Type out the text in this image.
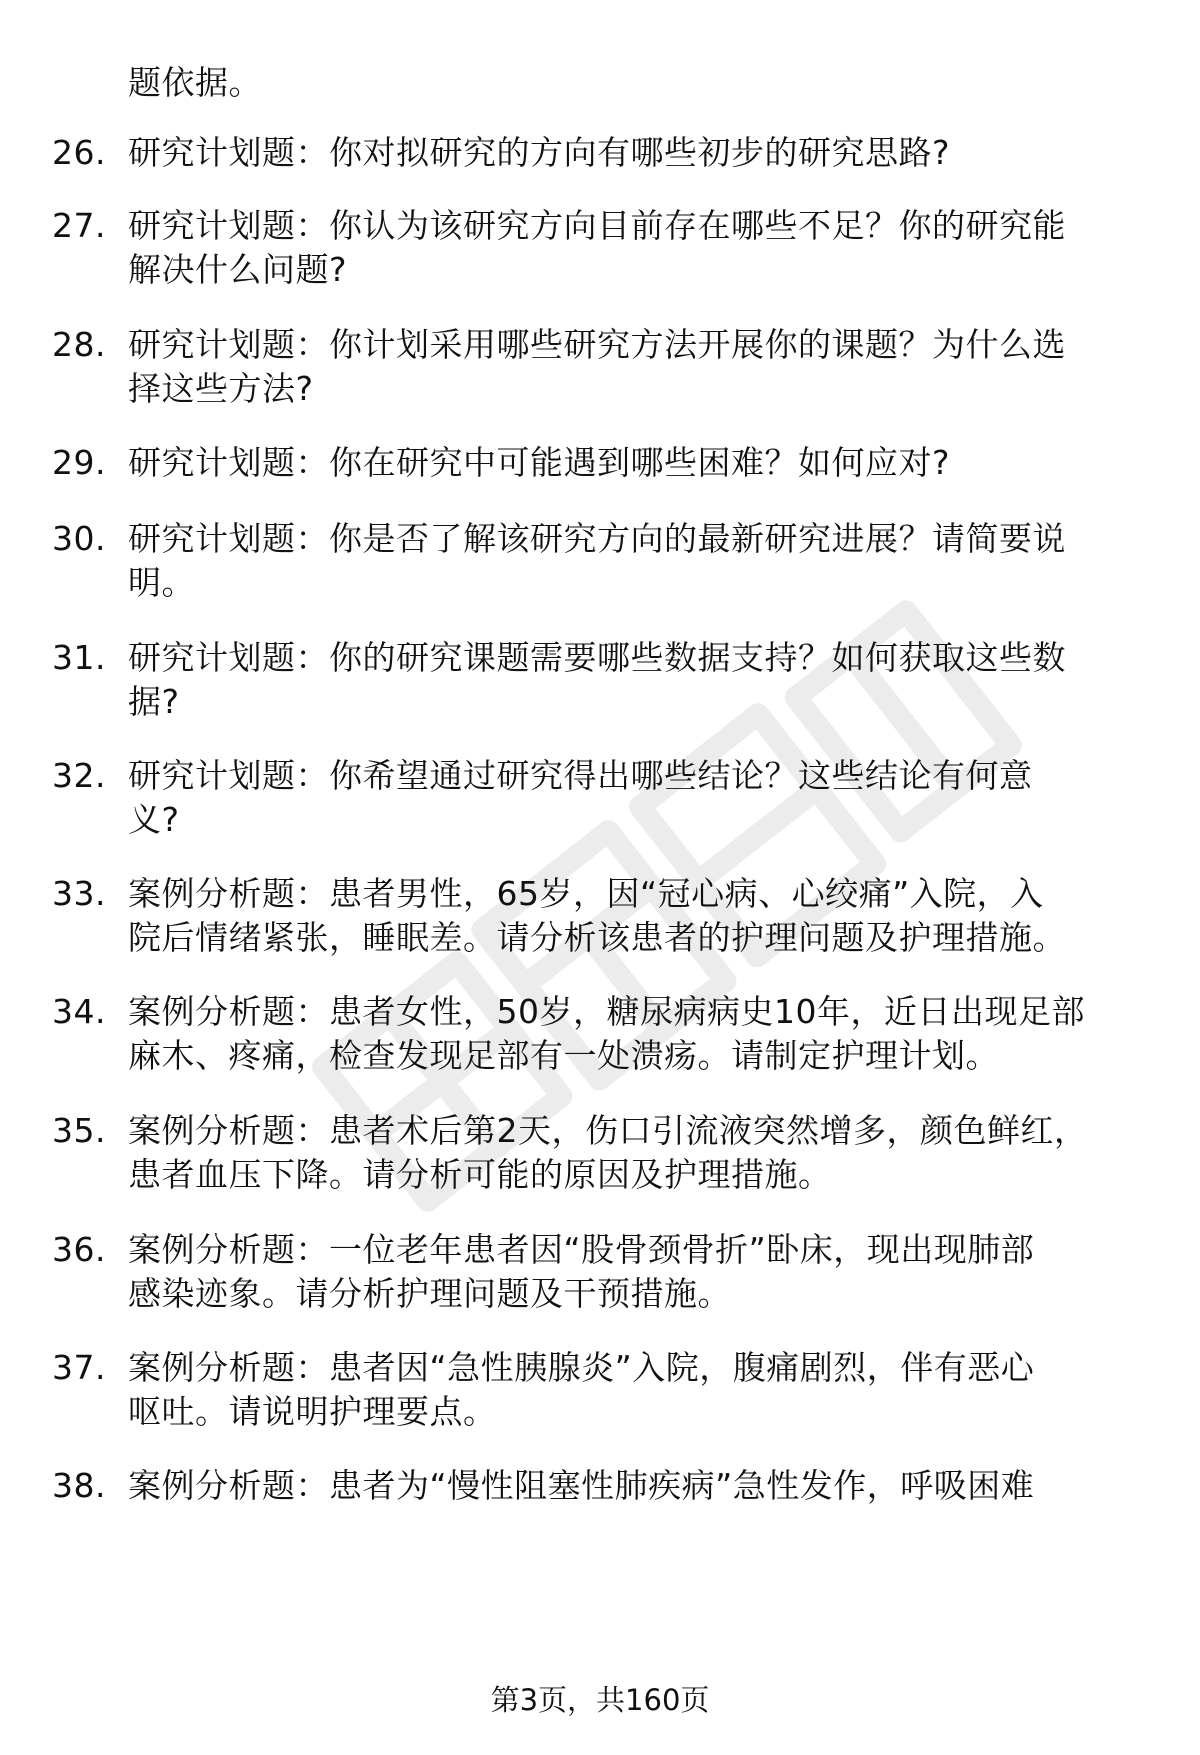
题依据。
26. 研究计划题：你对拟研究的方向有哪些初步的研究思路?
27. 研究计划题：你认为该研究方向目前存在哪些不足？你的研究能
解决什么问题?
28. 研究计划题：你计划采用哪些研究方法开展你的课题？为什么选
择这些方法?
29. 研究计划题：你在研究中可能遇到哪些困难？如何应对?
30. 研究计划题：你是否了解该研究方向的最新研究进展？请简要说
明。
31. 研究计划题：你的研究课题需要哪些数据支持？如何获取这些数
据?
32. 研究计划题：你希望通过研究得出哪些结论？这些结论有何意
义?
33. 案例分析题：患者男性，65岁，因“冠心病、心绞痛”入院，入
院后情绪紧张，睡眠差。请分析该患者的护理问题及护理措施。
34. 案例分析题：患者女性，50岁，糖尿病病史10年，近日出现足部
麻木、疼痛，检查发现足部有一处溃疡。请制定护理计划。
35. 案例分析题：患者术后第2天，伤口引流液突然增多，颜色鲜红，
患者血压下降。请分析可能的原因及护理措施。
36. 案例分析题：一位老年患者因“股骨颈骨折”卧床，现出现肺部
感染迹象。请分析护理问题及干预措施。
37. 案例分析题：患者因“急性胰腺炎”入院，腹痛剧烈，伴有恶心
呕吐。请说明护理要点。
38. 案例分析题：患者为“慢性阻塞性肺疾病”急性发作，呼吸困难
第3页，共160页
